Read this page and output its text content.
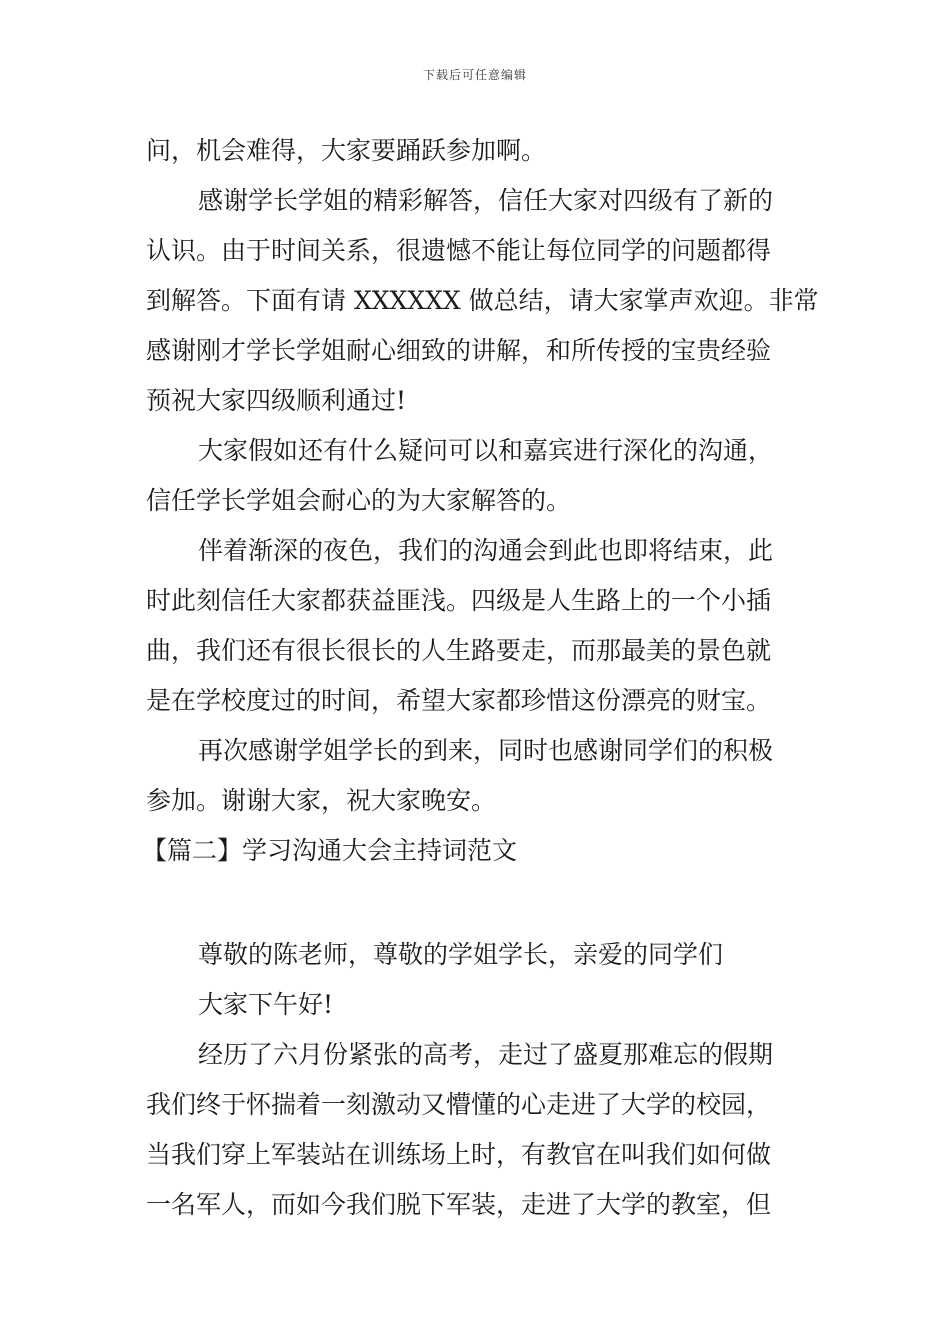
下载后可任意编辑
问，机会难得，大家要踊跃参加啊。
感谢学长学姐的精彩解答，信任大家对四级有了新的
认识。由于时间关系，很遗憾不能让每位同学的问题都得
到解答。下面有请 XXXXXX 做总结，请大家掌声欢迎。非常
感谢刚才学长学姐耐心细致的讲解，和所传授的宝贵经验
预祝大家四级顺利通过!
大家假如还有什么疑问可以和嘉宾进行深化的沟通，
信任学长学姐会耐心的为大家解答的。
伴着渐深的夜色，我们的沟通会到此也即将结束，此
时此刻信任大家都获益匪浅。四级是人生路上的一个小插
曲，我们还有很长很长的人生路要走，而那最美的景色就
是在学校度过的时间，希望大家都珍惜这份漂亮的财宝。
再次感谢学姐学长的到来，同时也感谢同学们的积极
参加。谢谢大家，祝大家晚安。
【篇二】学习沟通大会主持词范文
尊敬的陈老师，尊敬的学姐学长，亲爱的同学们
大家下午好!
经历了六月份紧张的高考，走过了盛夏那难忘的假期
我们终于怀揣着一刻激动又懵懂的心走进了大学的校园，
当我们穿上军装站在训练场上时，有教官在叫我们如何做
一名军人，而如今我们脱下军装，走进了大学的教室，但
